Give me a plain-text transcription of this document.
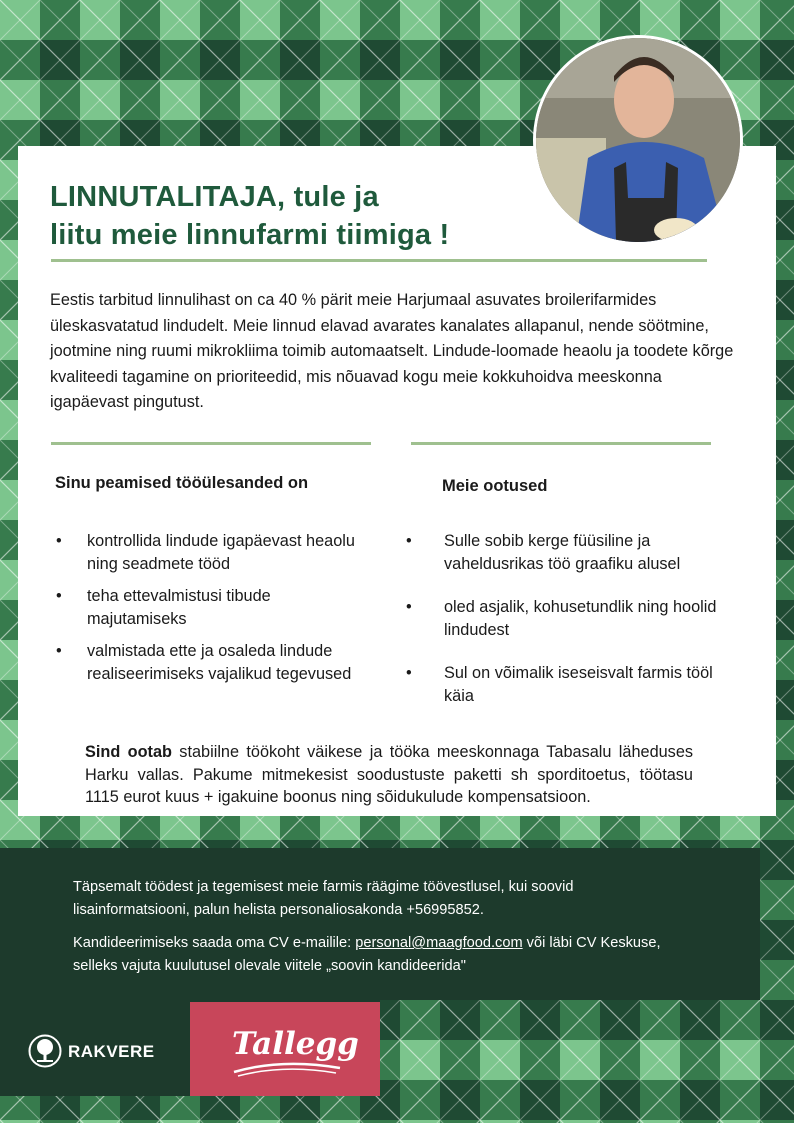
LINNUTALITAJA, tule ja
liitu meie linnufarmi tiimiga !

Eestis tarbitud linnulihast on ca 40 % pärit meie Harjumaal asuvates broilerifarmides üleskasvatatud lindudelt. Meie linnud elavad avarates kanalates allapanul, nende söötmine, jootmine ning ruumi mikrokliima toimib automaatselt. Lindude-loomade heaolu ja toodete kõrge kvaliteedi tagamine on prioriteedid, mis nõuavad kogu meie kokkuhoidva meeskonna igapäevast pingutust.

Sinu peamised tööülesanded on	Meie ootused
• kontrollida lindude igapäevast heaolu ning seadmete tööd
• teha ettevalmistusi tibude majutamiseks
• valmistada ette ja osaleda lindude realiseerimiseks vajalikud tegevused
• Sulle sobib kerge füüsiline ja vaheldusrikas töö graafiku alusel
• oled asjalik, kohusetundlik ning hoolid lindudest
• Sul on võimalik iseseisvalt farmis tööl käia

Sind ootab stabiilne töökoht väikese ja tööka meeskonnaga Tabasalu läheduses Harku vallas. Pakume mitmekesist soodustuste paketti sh sporditoetus, töötasu 1115 eurot kuus + igakuine boonus ning sõidukulude kompensatsioon.

Täpsemalt töödest ja tegemisest meie farmis räägime töövestlusel, kui soovid lisainformatsiooni, palun helista personaliosakonda +56995852.

Kandideerimiseks saada oma CV e-mailile: personal@maagfood.com või läbi CV Keskuse, selleks vajuta kuulutusel olevale viitele „soovin kandideerida"

RAKVERE Tallegg
